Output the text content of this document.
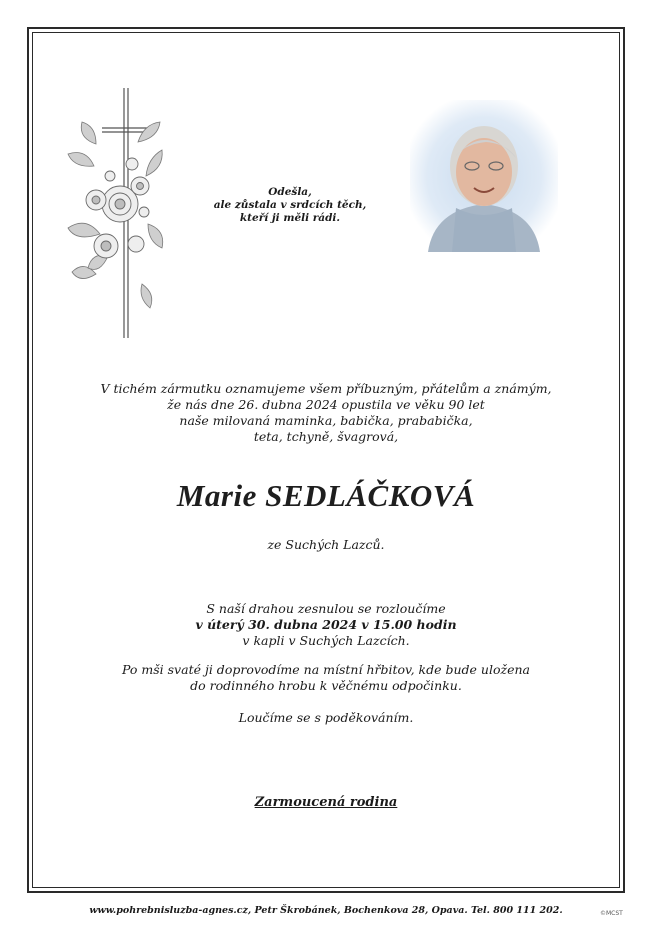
Odešla,
ale zůstala v srdcích těch,
kteří ji měli rádi.
V tichém zármutku oznamujeme všem příbuzným, přátelům a známým,
že nás dne 26. dubna 2024 opustila ve věku 90 let
naše milovaná maminka, babička, prababička,
teta, tchyně, švagrová,
Marie SEDLÁČKOVÁ
ze Suchých Lazců.
S naší drahou zesnulou se rozloučíme
v úterý 30. dubna 2024 v 15.00 hodin
v kapli v Suchých Lazcích.
Po mši svaté ji doprovodíme na místní hřbitov, kde bude uložena
do rodinného hrobu k věčnému odpočinku.
Loučíme se s poděkováním.
Zarmoucená rodina
www.pohrebnisluzba-agnes.cz, Petr Škrobánek, Bochenkova 28, Opava. Tel. 800 111 202.	©MCST
